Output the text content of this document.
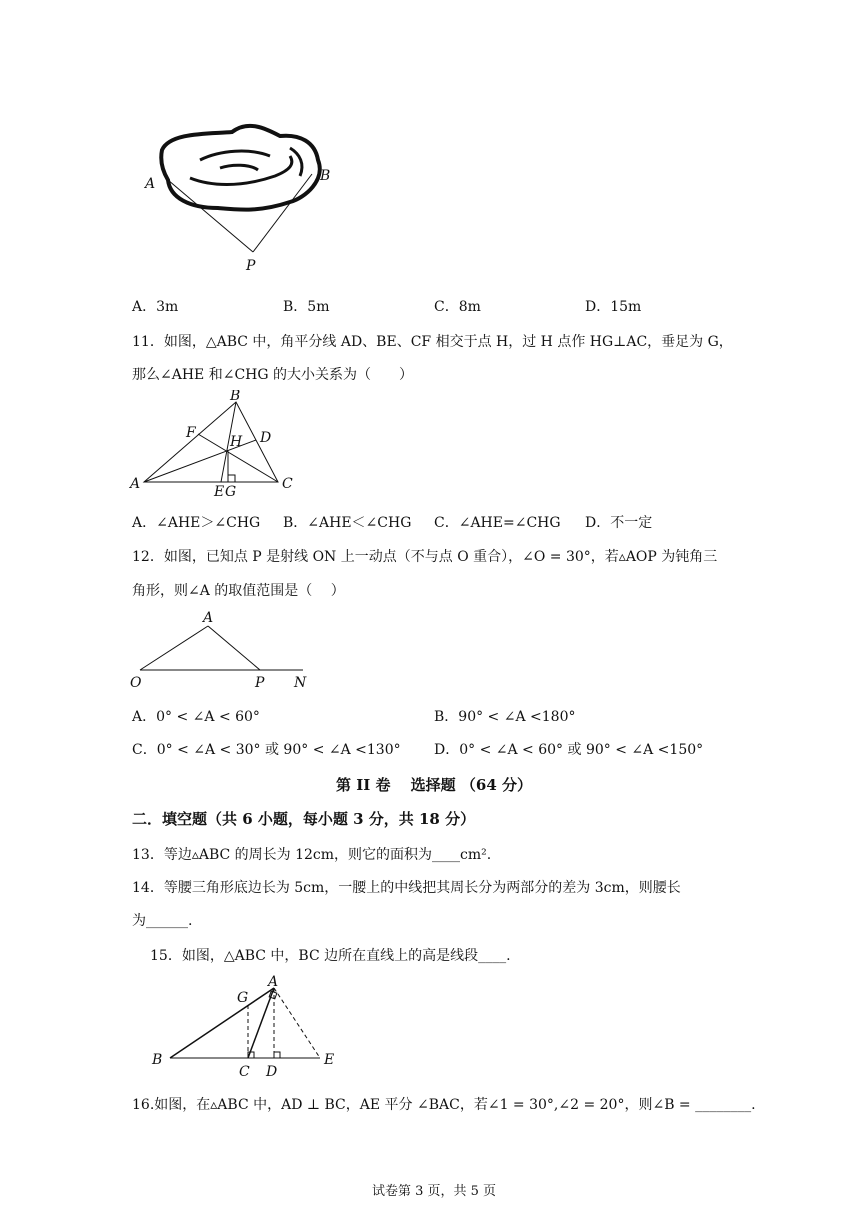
A	B
P
A．3m	B．5m	C．8m	D．15m
11．如图，△ABC 中，角平分线 AD、BE、CF 相交于点 H，过 H 点作 HG⊥AC，垂足为 G，
那么∠AHE 和∠CHG 的大小关系为（　　）
B
F
H D
A	E G	C
A．∠AHE＞∠CHG B．∠AHE＜∠CHG C．∠AHE=∠CHG D．不一定
12．如图，已知点 P 是射线 ON 上一动点（不与点 O 重合），∠O = 30°，若▵AOP 为钝角三
角形，则∠A 的取值范围是（　 ）
A
O	P N
A．0° < ∠A < 60°	B．90° < ∠A <180°
C．0° < ∠A < 30° 或 90° < ∠A <130° D．0° < ∠A < 60° 或 90° < ∠A <150°
第 II 卷　 选择题 （64 分）
二．填空题（共 6 小题，每小题 3 分，共 18 分）
13．等边▵ABC 的周长为 12cm，则它的面积为____cm².
14．等腰三角形底边长为 5cm，一腰上的中线把其周长分为两部分的差为 3cm，则腰长
为______.
15．如图，△ABC 中，BC 边所在直线上的高是线段____.
A
G
B
C D
E
16.如图，在▵ABC 中，AD ⊥ BC，AE 平分 ∠BAC，若∠1 = 30°,∠2 = 20°，则∠B = ________.
试卷第 3 页，共 5 页
